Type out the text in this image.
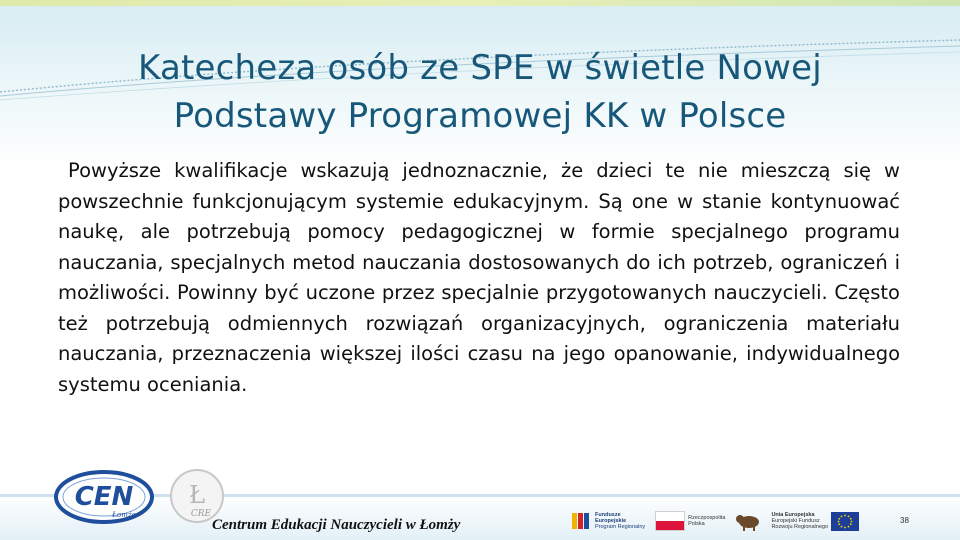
Katecheza osób ze SPE w świetle Nowej Podstawy Programowej KK w Polsce

Powyższe kwalifikacje wskazują jednoznacznie, że dzieci te nie mieszczą się w powszechnie funkcjonującym systemie edukacyjnym. Są one w stanie kontynuować naukę, ale potrzebują pomocy pedagogicznej w formie specjalnego programu nauczania, specjalnych metod nauczania dostosowanych do ich potrzeb, ograniczeń i możliwości. Powinny być uczone przez specjalnie przygotowanych nauczycieli. Często też potrzebują odmiennych rozwiązań organizacyjnych, ograniczenia materiału nauczania, przeznaczenia większej ilości czasu na jego opanowanie, indywidualnego systemu oceniania.

CEN
Łomża
Ł
CRE
Centrum Edukacji Nauczycieli w Łomży
Fundusze
Europejskie
Program Regionalny
Rzeczpospolita
Polska
Unia Europejska
Europejski Fundusz
Rozwoju Regionalnego
38
